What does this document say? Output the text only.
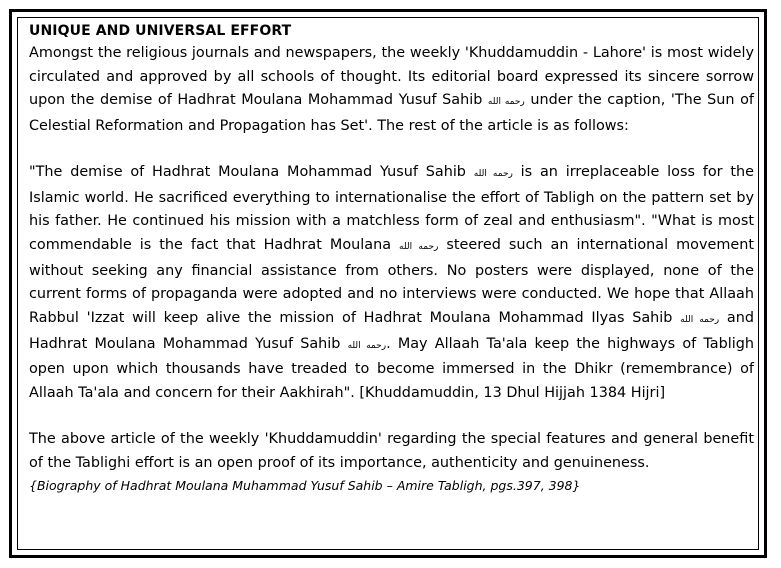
UNIQUE AND UNIVERSAL EFFORT

Amongst the religious journals and newspapers, the weekly 'Khuddamuddin - Lahore' is most widely circulated and approved by all schools of thought. Its editorial board expressed its sincere sorrow upon the demise of Hadhrat Moulana Mohammad Yusuf Sahib رحمه الله under the caption, 'The Sun of Celestial Reformation and Propagation has Set'. The rest of the article is as follows:

"The demise of Hadhrat Moulana Mohammad Yusuf Sahib رحمه الله is an irreplaceable loss for the Islamic world. He sacrificed everything to internationalise the effort of Tabligh on the pattern set by his father. He continued his mission with a matchless form of zeal and enthusiasm". "What is most commendable is the fact that Hadhrat Moulana رحمه الله steered such an international movement without seeking any financial assistance from others. No posters were displayed, none of the current forms of propaganda were adopted and no interviews were conducted. We hope that Allaah Rabbul 'Izzat will keep alive the mission of Hadhrat Moulana Mohammad Ilyas Sahib رحمه الله and Hadhrat Moulana Mohammad Yusuf Sahib رحمه الله. May Allaah Ta'ala keep the highways of Tabligh open upon which thousands have treaded to become immersed in the Dhikr (remembrance) of Allaah Ta'ala and concern for their Aakhirah". [Khuddamuddin, 13 Dhul Hijjah 1384 Hijri]

The above article of the weekly 'Khuddamuddin' regarding the special features and general benefit of the Tablighi effort is an open proof of its importance, authenticity and genuineness.

{Biography of Hadhrat Moulana Muhammad Yusuf Sahib – Amire Tabligh, pgs.397, 398}
